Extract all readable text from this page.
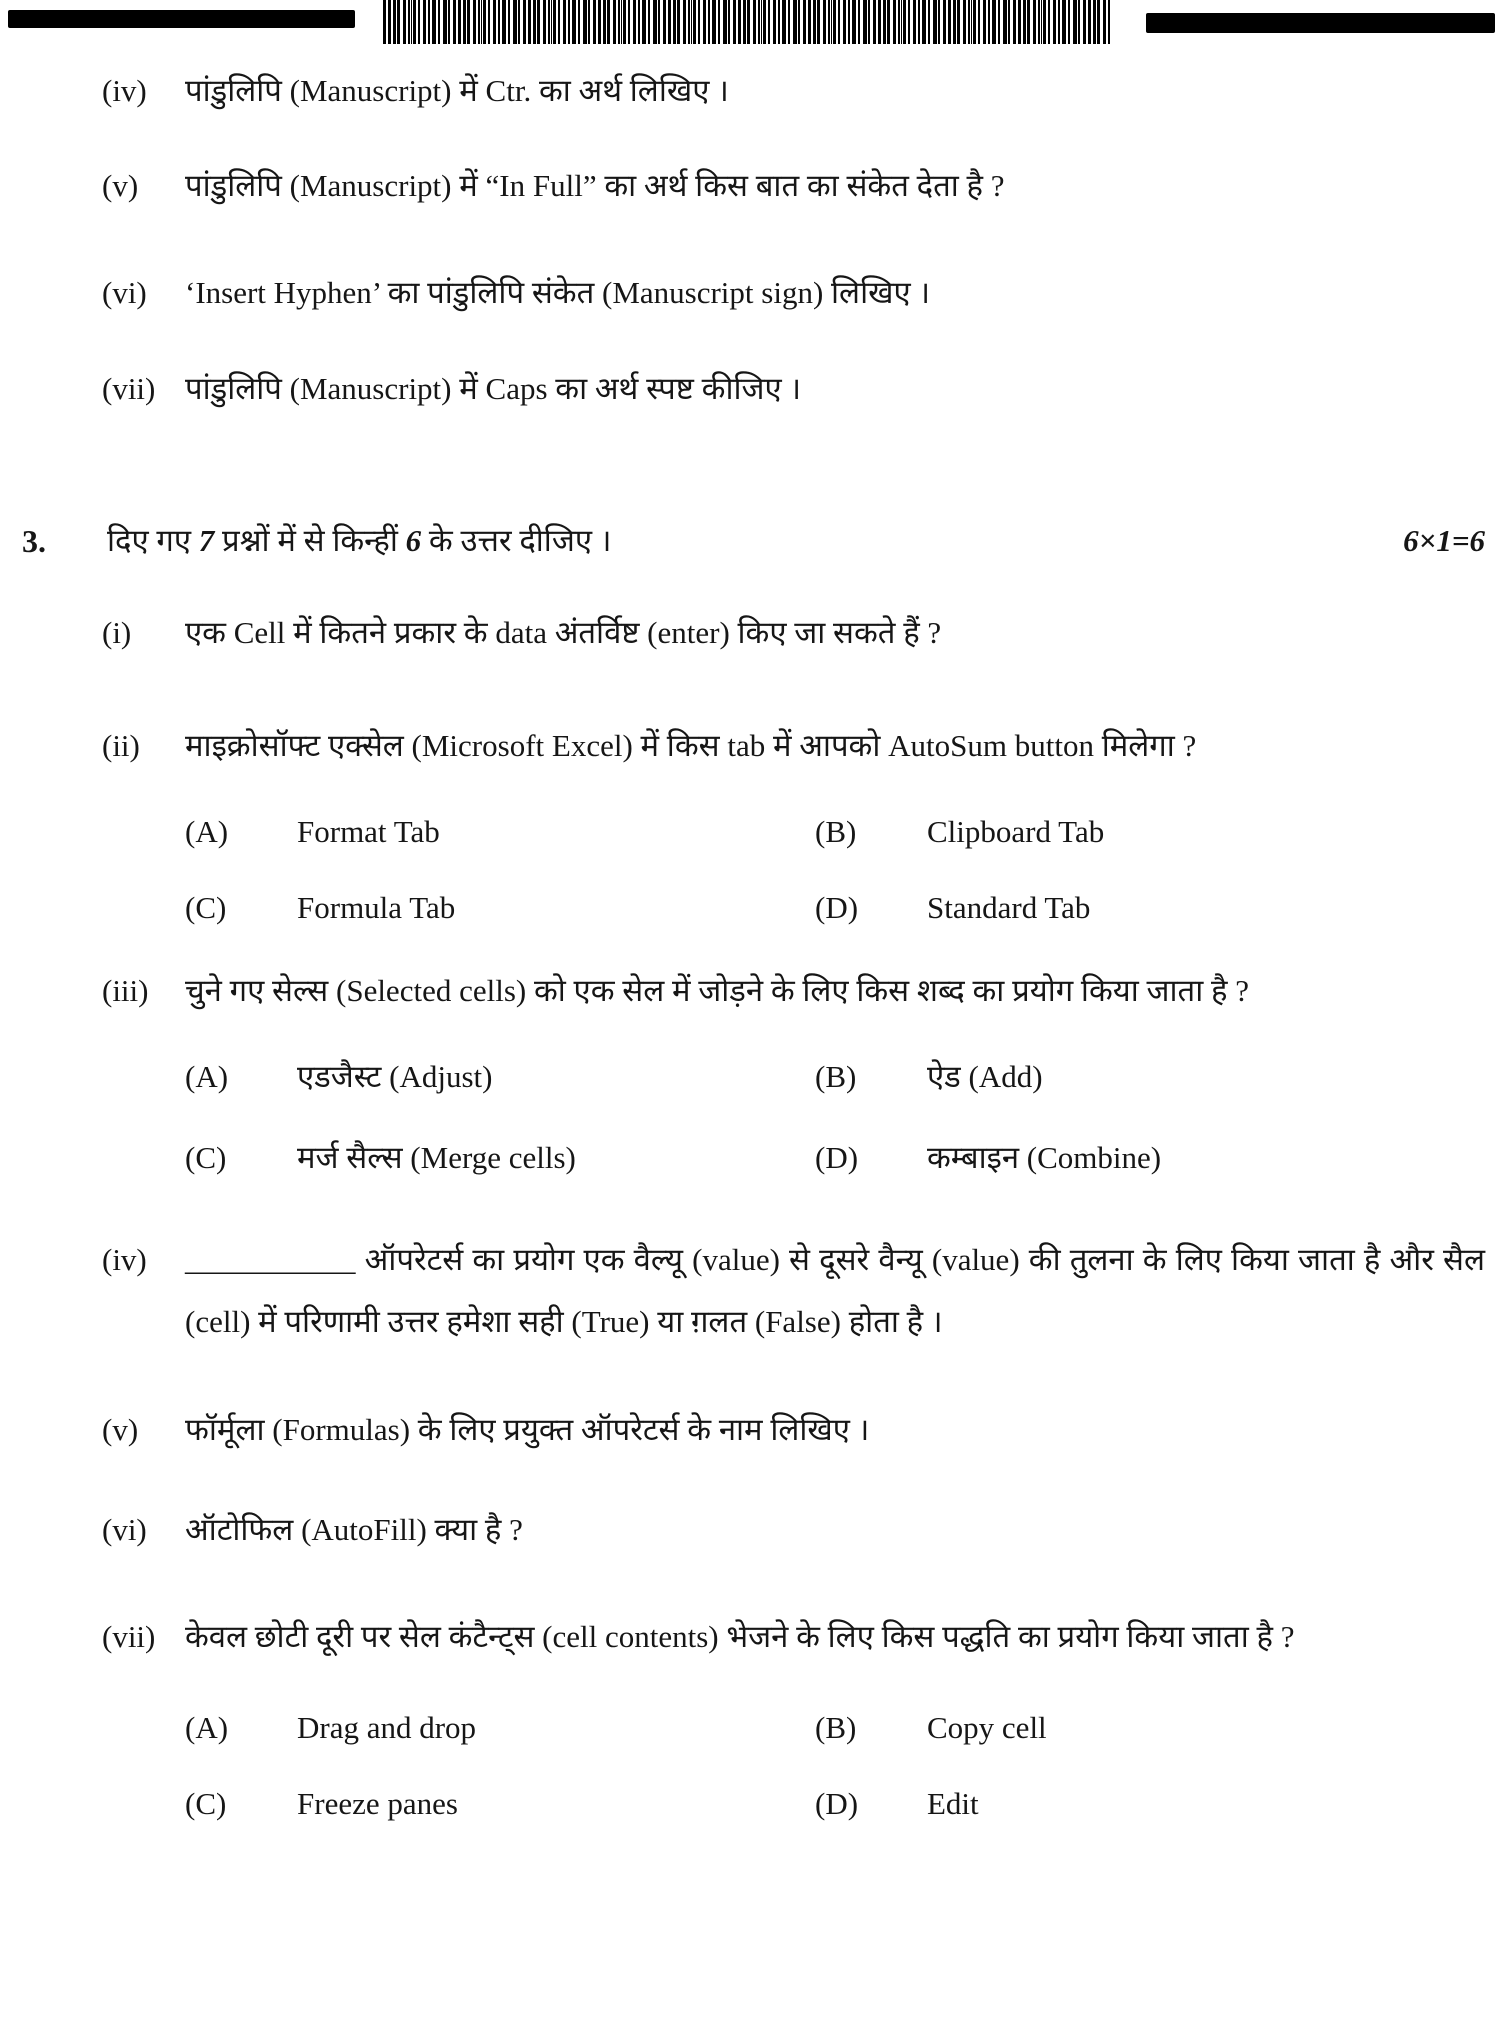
(iv)	पांडुलिपि (Manuscript) में Ctr. का अर्थ लिखिए ।
(v)	पांडुलिपि (Manuscript) में “In Full” का अर्थ किस बात का संकेत देता है ?
(vi)	‘Insert Hyphen’ का पांडुलिपि संकेत (Manuscript sign) लिखिए ।
(vii) पांडुलिपि (Manuscript) में Caps का अर्थ स्पष्ट कीजिए ।
3.	दिए गए 7 प्रश्नों में से किन्हीं 6 के उत्तर दीजिए ।	6×1=6
(i)	एक Cell में कितने प्रकार के data अंतर्विष्ट (enter) किए जा सकते हैं ?
(ii)	माइक्रोसॉफ्ट एक्सेल (Microsoft Excel) में किस tab में आपको AutoSum button मिलेगा ?
(A)	Format Tab	(B)	Clipboard Tab
(C)	Formula Tab	(D)	Standard Tab
(iii)	चुने गए सेल्स (Selected cells) को एक सेल में जोड़ने के लिए किस शब्द का प्रयोग किया जाता है ?
(A)	एडजैस्ट (Adjust)	(B)	ऐड (Add)
(C)	मर्ज सैल्स (Merge cells)	(D)	कम्बाइन (Combine)
(iv)	___________ ऑपरेटर्स का प्रयोग एक वैल्यू (value) से दूसरे वैन्यू (value) की तुलना के लिए किया जाता है और सैल (cell) में परिणामी उत्तर हमेशा सही (True) या ग़लत (False) होता है ।
(v)	फॉर्मूला (Formulas) के लिए प्रयुक्त ऑपरेटर्स के नाम लिखिए ।
(vi)	ऑटोफिल (AutoFill) क्या है ?
(vii) केवल छोटी दूरी पर सेल कंटैन्ट्स (cell contents) भेजने के लिए किस पद्धति का प्रयोग किया जाता है ?
(A)	Drag and drop	(B)	Copy cell
(C)	Freeze panes	(D)	Edit
